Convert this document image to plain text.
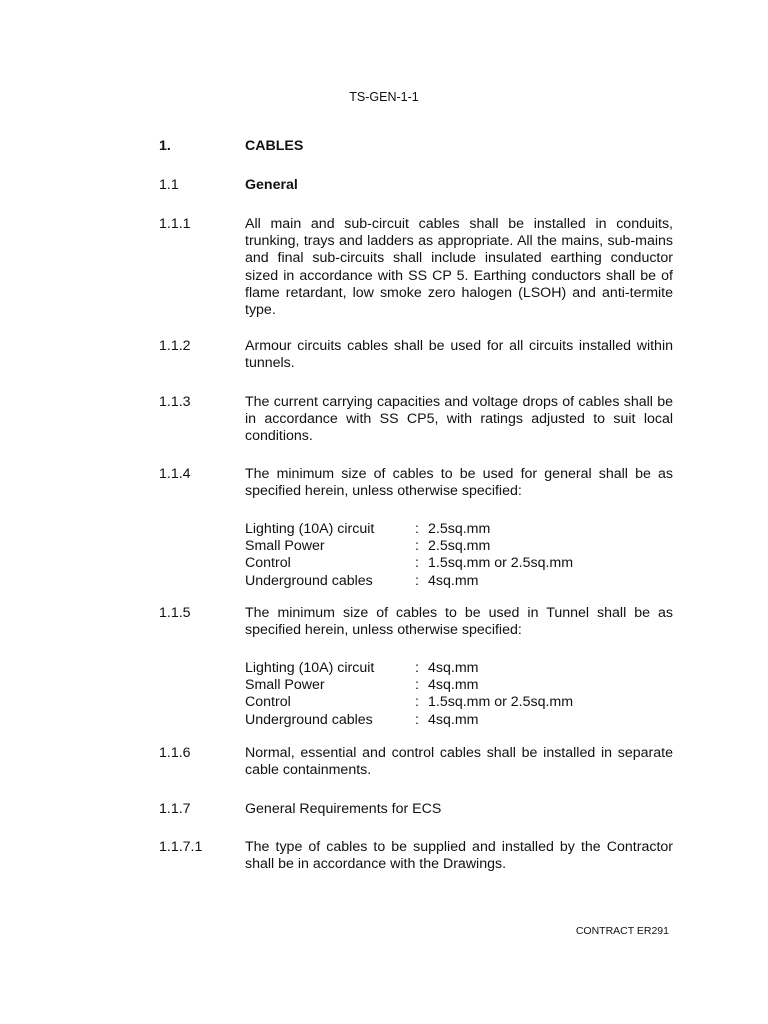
TS-GEN-1-1
1.	CABLES
1.1	General
1.1.1	All main and sub-circuit cables shall be installed in conduits, trunking, trays and ladders as appropriate. All the mains, sub-mains and final sub-circuits shall include insulated earthing conductor sized in accordance with SS CP 5. Earthing conductors shall be of flame retardant, low smoke zero halogen (LSOH) and anti-termite type.
1.1.2	Armour circuits cables shall be used for all circuits installed within tunnels.
1.1.3	The current carrying capacities and voltage drops of cables shall be in accordance with SS CP5, with ratings adjusted to suit local conditions.
1.1.4	The minimum size of cables to be used for general shall be as specified herein, unless otherwise specified:
Lighting (10A) circuit	: 2.5sq.mm
Small Power	: 2.5sq.mm
Control	: 1.5sq.mm or 2.5sq.mm
Underground cables	: 4sq.mm
1.1.5	The minimum size of cables to be used in Tunnel shall be as specified herein, unless otherwise specified:
Lighting (10A) circuit	: 4sq.mm
Small Power	: 4sq.mm
Control	: 1.5sq.mm or 2.5sq.mm
Underground cables	: 4sq.mm
1.1.6	Normal, essential and control cables shall be installed in separate cable containments.
1.1.7	General Requirements for ECS
1.1.7.1	The type of cables to be supplied and installed by the Contractor shall be in accordance with the Drawings.
CONTRACT ER291
